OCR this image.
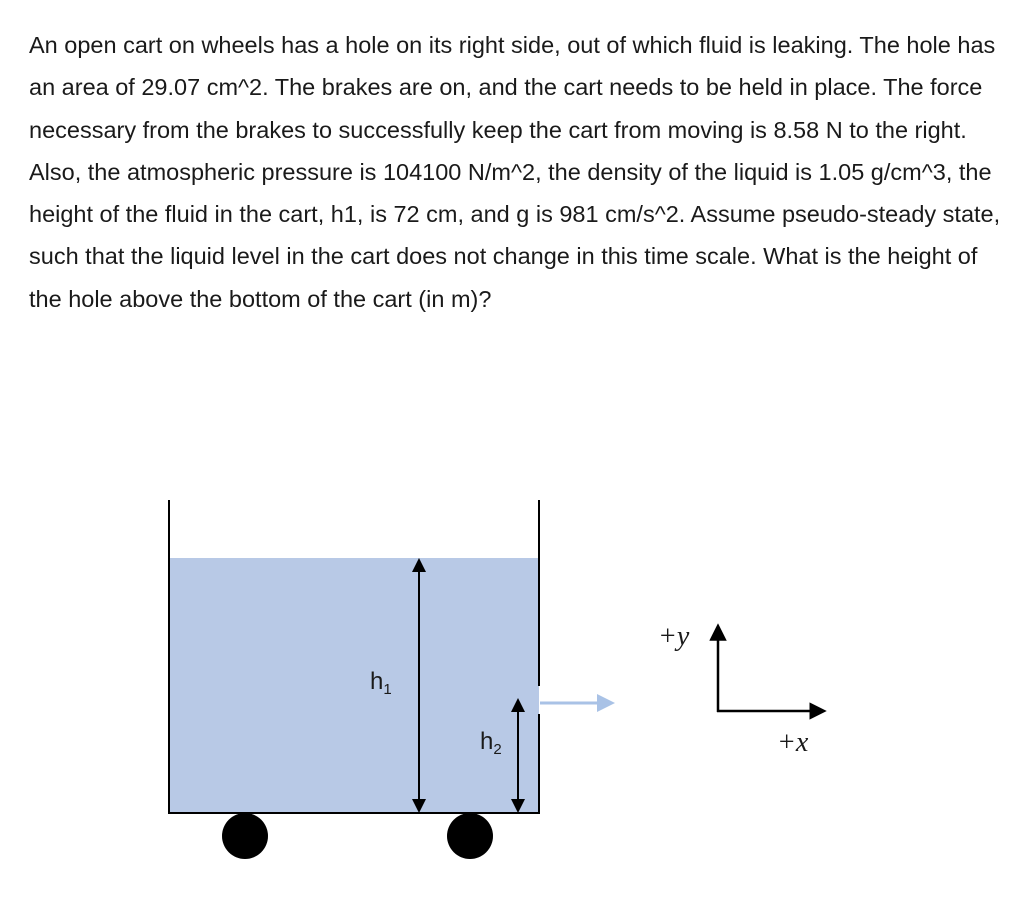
An open cart on wheels has a hole on its right side, out of which fluid is leaking. The hole has an area of 29.07 cm^2. The brakes are on, and the cart needs to be held in place. The force necessary from the brakes to successfully keep the cart from moving is 8.58 N to the right. Also, the atmospheric pressure is 104100 N/m^2, the density of the liquid is 1.05 g/cm^3, the height of the fluid in the cart, h1, is 72 cm, and g is 981 cm/s^2. Assume pseudo-steady state, such that the liquid level in the cart does not change in this time scale. What is the height of the hole above the bottom of the cart (in m)?

$h_1$
$h_2$
+y
+x
